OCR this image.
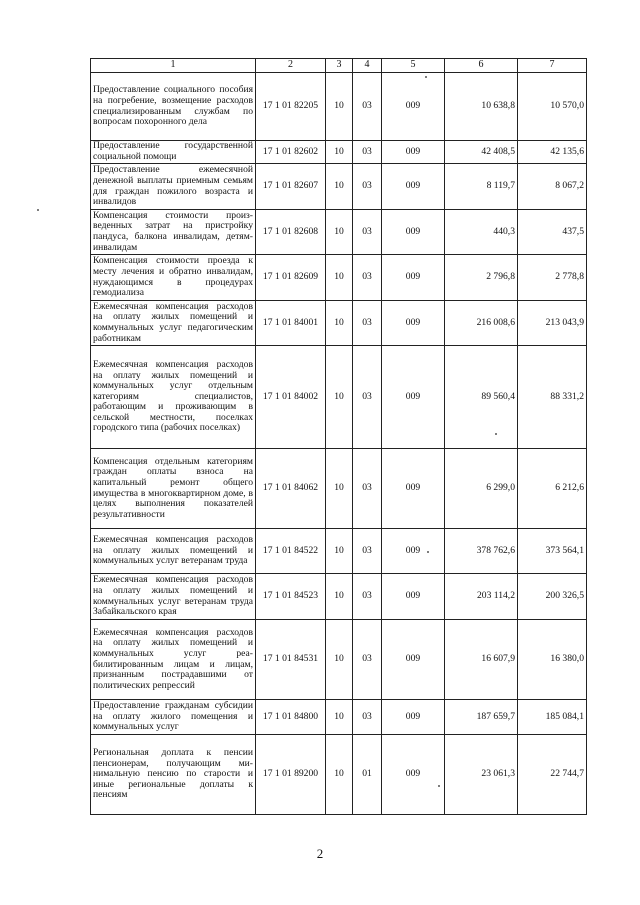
1	2	3	4	5	6	7
Предоставление социального пособия на погребение, возмещение расходов специализированным службам по вопросам похоронного дела	17 1 01 82205	10	03	009	10 638,8	10 570,0
Предоставление государственной социальной помощи	17 1 01 82602	10	03	009	42 408,5	42 135,6
Предоставление ежемесячной денежной выплаты приемным семьям для граждан пожилого возраста и инвалидов	17 1 01 82607	10	03	009	8 119,7	8 067,2
Компенсация стоимости произведенных затрат на пристройку пандуса, балкона инвалидам, детям-инвалидам	17 1 01 82608	10	03	009	440,3	437,5
Компенсация стоимости проезда к месту лечения и обратно инвалидам, нуждающимся в процедурах гемодиализа	17 1 01 82609	10	03	009	2 796,8	2 778,8
Ежемесячная компенсация расходов на оплату жилых помещений и коммунальных услуг педагогическим работникам	17 1 01 84001	10	03	009	216 008,6	213 043,9
Ежемесячная компенсация расходов на оплату жилых помещений и коммунальных услуг отдельным категориям специалистов, работающим и проживающим в сельской местности, поселках городского типа (рабочих поселках)	17 1 01 84002	10	03	009	89 560,4	88 331,2
Компенсация отдельным категориям граждан оплаты взноса на капитальный ремонт общего имущества в многоквартирном доме, в целях выполнения показателей результативности	17 1 01 84062	10	03	009	6 299,0	6 212,6
Ежемесячная компенсация расходов на оплату жилых помещений и коммунальных услуг ветеранам труда	17 1 01 84522	10	03	009	378 762,6	373 564,1
Ежемесячная компенсация расходов на оплату жилых помещений и коммунальных услуг ветеранам труда Забайкальского края	17 1 01 84523	10	03	009	203 114,2	200 326,5
Ежемесячная компенсация расходов на оплату жилых помещений и коммунальных услуг реабилитированным лицам и лицам, признанным пострадавшими от политических репрессий	17 1 01 84531	10	03	009	16 607,9	16 380,0
Предоставление гражданам субсидии на оплату жилого помещения и коммунальных услуг	17 1 01 84800	10	03	009	187 659,7	185 084,1
Региональная доплата к пенсии пенсионерам, получающим минимальную пенсию по старости и иные региональные доплаты к пенсиям	17 1 01 89200	10	01	009	23 061,3	22 744,7
2
